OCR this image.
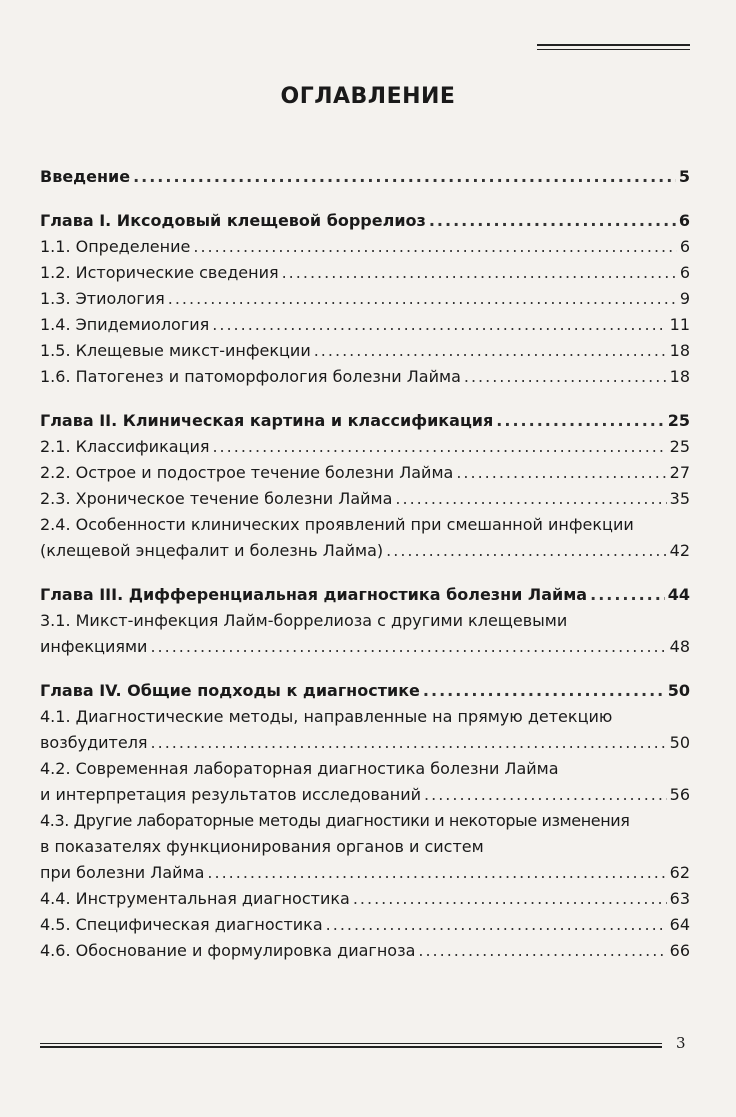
ОГЛАВЛЕНИЕ
Введение .....	5
Глава I. Иксодовый клещевой боррелиоз .....	6
1.1. Определение .....	6
1.2. Исторические сведения .....	6
1.3. Этиология .....	9
1.4. Эпидемиология .....	11
1.5. Клещевые микст-инфекции .....	18
1.6. Патогенез и патоморфология болезни Лайма .....	18
Глава II. Клиническая картина и классификация .....	25
2.1. Классификация .....	25
2.2. Острое и подострое течение болезни Лайма .....	27
2.3. Хроническое течение болезни Лайма .....	35
2.4. Особенности клинических проявлений при смешанной инфекции
(клещевой энцефалит и болезнь Лайма) .....	42
Глава III. Дифференциальная диагностика болезни Лайма .....	44
3.1. Микст-инфекция Лайм-боррелиоза с другими клещевыми
инфекциями .....	48
Глава IV. Общие подходы к диагностике .....	50
4.1. Диагностические методы, направленные на прямую детекцию
возбудителя .....	50
4.2. Современная лабораторная диагностика болезни Лайма
и интерпретация результатов исследований .....	56
4.3. Другие лабораторные методы диагностики и некоторые изменения
в показателях функционирования органов и систем
при болезни Лайма .....	62
4.4. Инструментальная диагностика .....	63
4.5. Специфическая диагностика .....	64
4.6. Обоснование и формулировка диагноза .....	66
3
